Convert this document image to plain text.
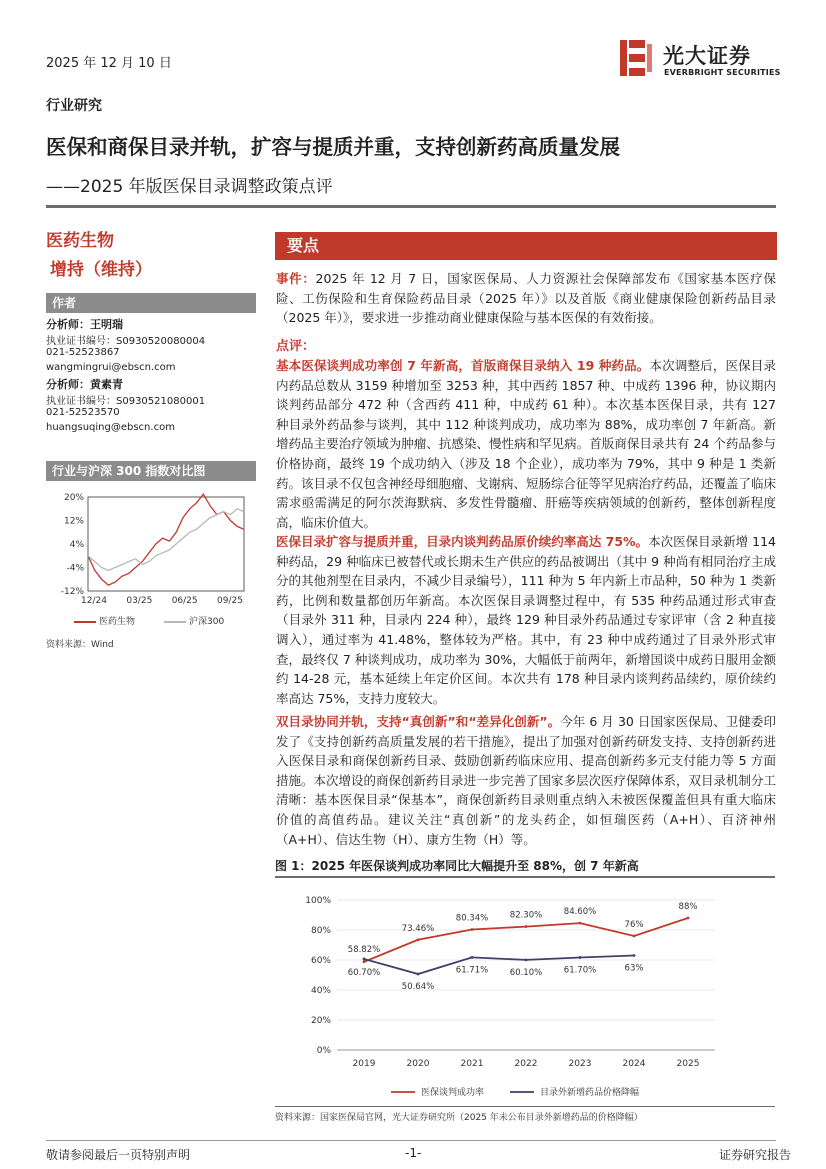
2025 年 12 月 10 日	光大证券
EVERBRIGHT SECURITIES
行业研究
医保和商保目录并轨，扩容与提质并重，支持创新药高质量发展
——2025 年版医保目录调整政策点评
医药生物
增持（维持）
作者
分析师：王明瑞
执业证书编号：S0930520080004
021-52523867
wangmingrui@ebscn.com
分析师：黄素青
执业证书编号：S0930521080001
021-52523570
huangsuqing@ebscn.com
行业与沪深 300 指数对比图
20%
12%
4%
-4%
-12%
12/24 03/25 06/25 09/25
医药生物	沪深300
资料来源：Wind
要点
事件：2025 年 12 月 7 日，国家医保局、人力资源社会保障部发布《国家基本医疗保险、工伤保险和生育保险药品目录（2025 年）》以及首版《商业健康保险创新药品目录（2025 年）》，要求进一步推动商业健康保险与基本医保的有效衔接。
点评：
基本医保谈判成功率创 7 年新高，首版商保目录纳入 19 种药品。本次调整后，医保目录内药品总数从 3159 种增加至 3253 种，其中西药 1857 种、中成药 1396 种，协议期内谈判药品部分 472 种（含西药 411 种，中成药 61 种）。本次基本医保目录，共有 127 种目录外药品参与谈判，其中 112 种谈判成功，成功率为 88%，成功率创 7 年新高。新增药品主要治疗领域为肿瘤、抗感染、慢性病和罕见病。首版商保目录共有 24 个药品参与价格协商，最终 19 个成功纳入（涉及 18 个企业），成功率为 79%，其中 9 种是 1 类新药。该目录不仅包含神经母细胞瘤、戈谢病、短肠综合征等罕见病治疗药品，还覆盖了临床需求亟需满足的阿尔茨海默病、多发性骨髓瘤、肝癌等疾病领域的创新药，整体创新程度高，临床价值大。
医保目录扩容与提质并重，目录内谈判药品原价续约率高达 75%。本次医保目录新增 114 种药品，29 种临床已被替代或长期未生产供应的药品被调出（其中 9 种尚有相同治疗主成分的其他剂型在目录内，不减少目录编号），111 种为 5 年内新上市品种，50 种为 1 类新药，比例和数量都创历年新高。本次医保目录调整过程中，有 535 种药品通过形式审查（目录外 311 种，目录内 224 种），最终 129 种目录外药品通过专家评审（含 2 种直接调入），通过率为 41.48%，整体较为严格。其中，有 23 种中成药通过了目录外形式审查，最终仅 7 种谈判成功，成功率为 30%，大幅低于前两年，新增国谈中成药日服用金额约 14-28 元，基本延续上年定价区间。本次共有 178 种目录内谈判药品续约，原价续约率高达 75%，支持力度较大。
双目录协同并轨，支持“真创新”和“差异化创新”。今年 6 月 30 日国家医保局、卫健委印发了《支持创新药高质量发展的若干措施》，提出了加强对创新药研发支持、支持创新药进入医保目录和商保创新药目录、鼓励创新药临床应用、提高创新药多元支付能力等 5 方面措施。本次增设的商保创新药目录进一步完善了国家多层次医疗保障体系，双目录机制分工清晰：基本医保目录“保基本”，商保创新药目录则重点纳入未被医保覆盖但具有重大临床价值的高值药品。建议关注“真创新”的龙头药企，如恒瑞医药（A+H）、百济神州（A+H）、信达生物（H）、康方生物（H）等。
图 1：2025 年医保谈判成功率同比大幅提升至 88%，创 7 年新高
100%
80%
60%
40%
20%
0%
2019	2020	2021	2022	2023	2024	2025
58.82%
73.46%
80.34%	82.30%	84.60%
76%
88%
60.70%
50.64%
61.71%	60.10%	61.70%	63%
医保谈判成功率	目录外新增药品价格降幅
资料来源：国家医保局官网，光大证券研究所（2025 年未公布目录外新增药品的价格降幅）
敬请参阅最后一页特别声明	-1-	证券研究报告
